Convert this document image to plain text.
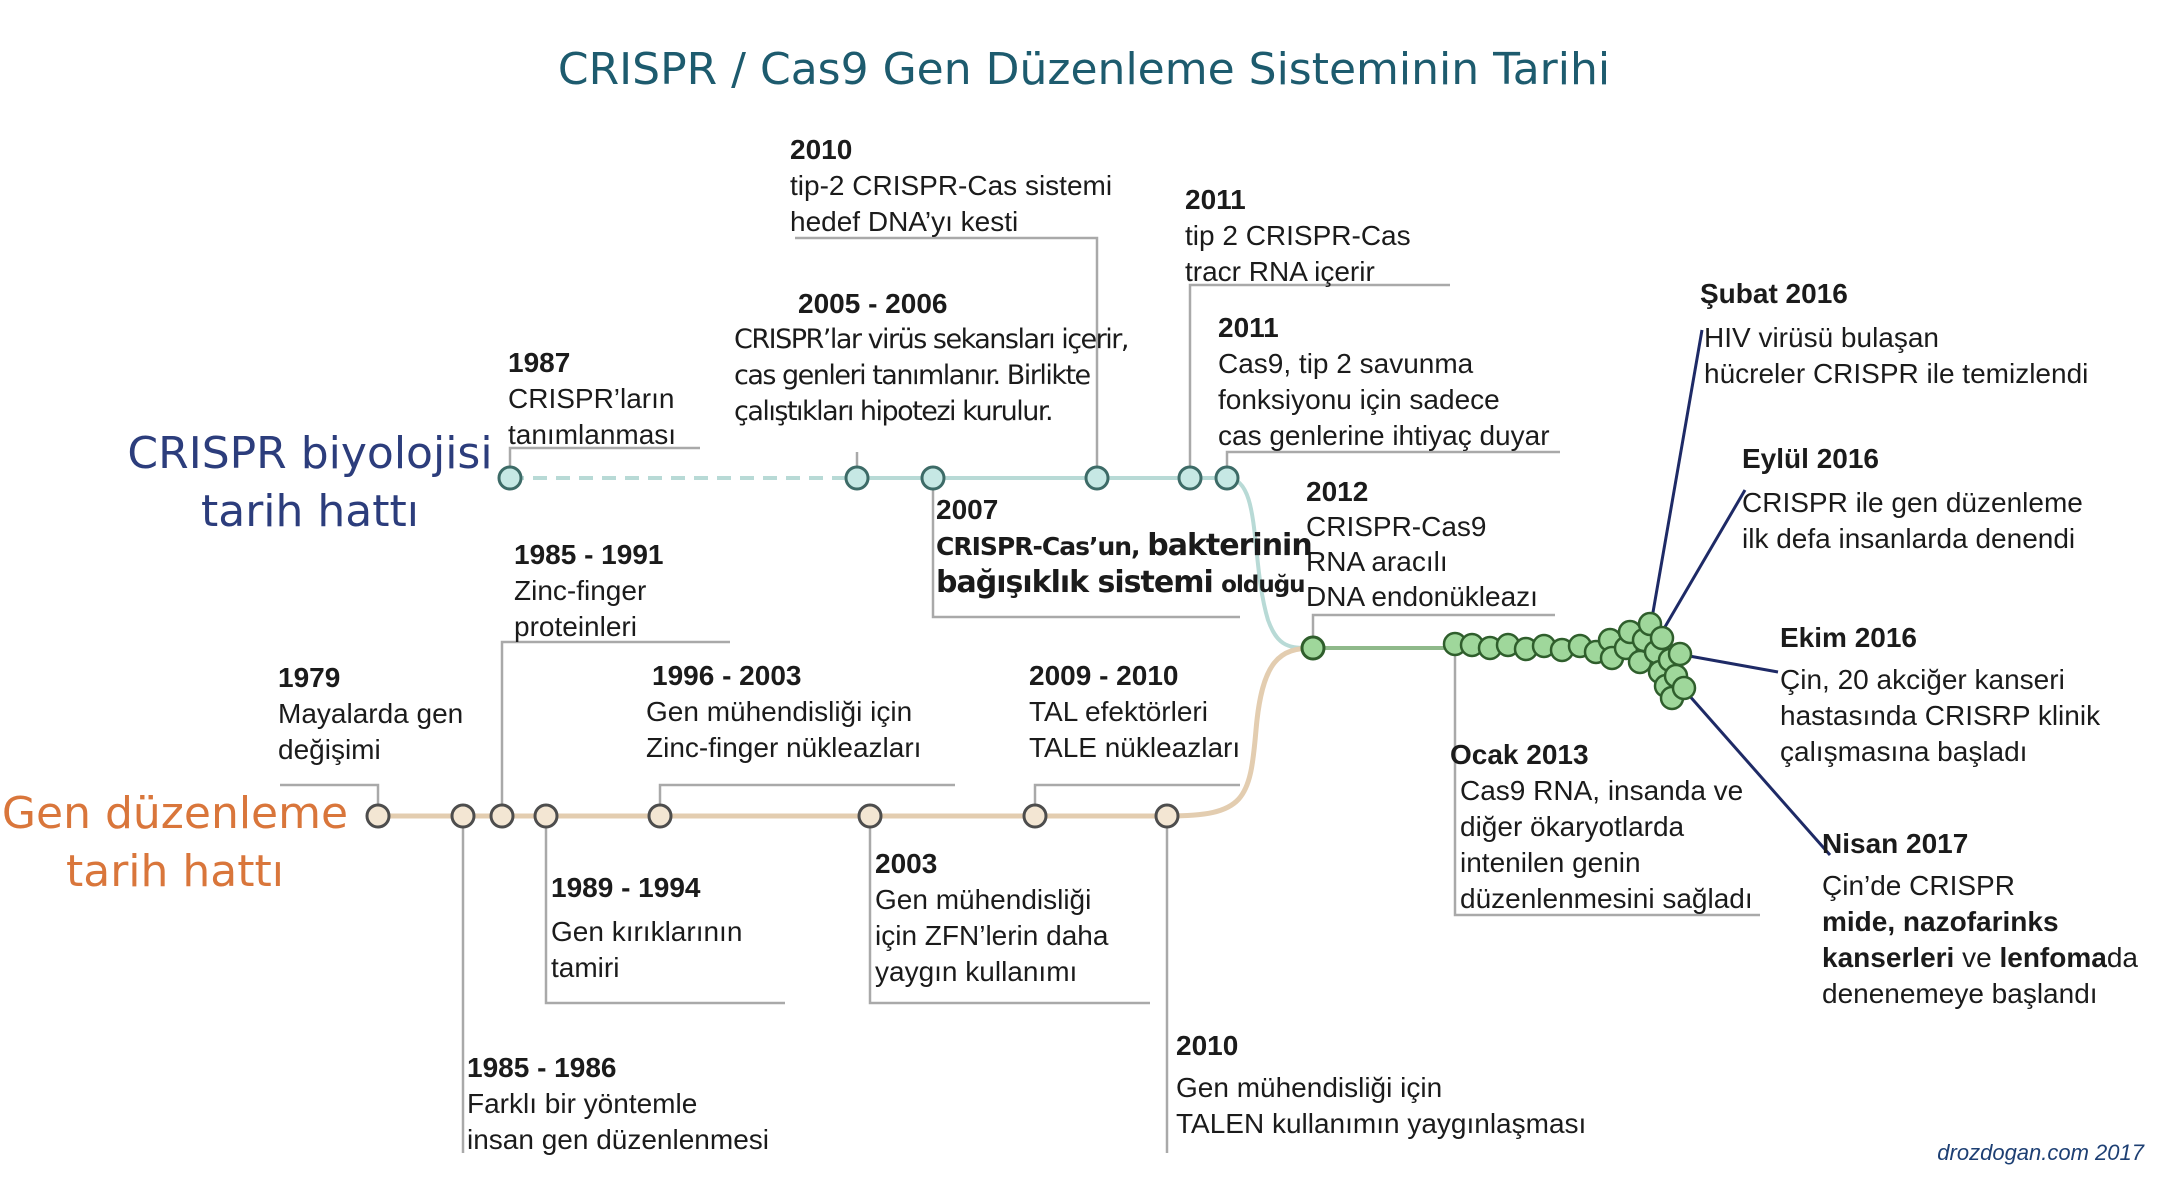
CRISPR / Cas9 Gen Düzenleme Sisteminin Tarihi
CRISPR biyolojisi
tarih hattı
Gen düzenleme
tarih hattı
1987
CRISPR’ların
tanımlanması
2005 - 2006
CRISPR’lar virüs sekansları içerir,
cas genleri tanımlanır. Birlikte
çalıştıkları hipotezi kurulur.
2010
tip-2 CRISPR-Cas sistemi
hedef DNA’yı kesti
2011
tip 2 CRISPR-Cas
tracr RNA içerir
2011
Cas9, tip 2 savunma
fonksiyonu için sadece
cas genlerine ihtiyaç duyar
2007
CRISPR-Cas’un, bakterinin
bağışıklık sistemi olduğu
2012
CRISPR-Cas9
RNA aracılı
DNA endonükleazı
Ocak 2013
Cas9 RNA, insanda ve
diğer ökaryotlarda
intenilen genin
düzenlenmesini sağladı
Şubat 2016
HIV virüsü bulaşan
hücreler CRISPR ile temizlendi
Eylül 2016
CRISPR ile gen düzenleme
ilk defa insanlarda denendi
Ekim 2016
Çin, 20 akciğer kanseri
hastasında CRISRP klinik
çalışmasına başladı
Nisan 2017
Çin’de CRISPR
mide, nazofarinks
kanserleri ve lenfomada
denenemeye başlandı
1979
Mayalarda gen
değişimi
1985 - 1991
Zinc-finger
proteinleri
1996 - 2003
Gen mühendisliği için
Zinc-finger nükleazları
2009 - 2010
TAL efektörleri
TALE nükleazları
1989 - 1994
Gen kırıklarının
tamiri
2003
Gen mühendisliği
için ZFN’lerin daha
yaygın kullanımı
1985 - 1986
Farklı bir yöntemle
insan gen düzenlenmesi
2010
Gen mühendisliği için
TALEN kullanımın yaygınlaşması
drozdogan.com 2017
